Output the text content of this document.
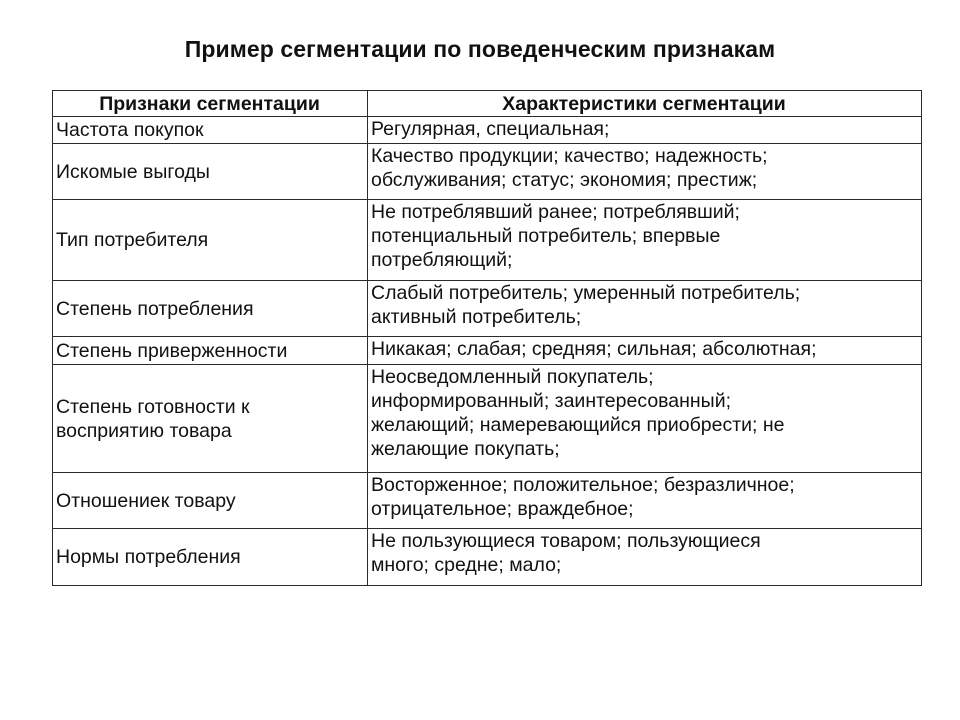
Пример сегментации по поведенческим признакам
Признаки сегментации	Характеристики сегментации

Частота покупок	Регулярная, специальная;

Искомые выгоды	Качество продукции; качество; надежность;
обслуживания; статус; экономия; престиж;

Тип потребителя	Не потреблявший ранее; потреблявший;
потенциальный потребитель; впервые
потребляющий;

Степень потребления	Слабый потребитель; умеренный потребитель;
активный потребитель;

Степень приверженности	Никакая; слабая; средняя; сильная; абсолютная;

Степень готовности к
восприятию товара	Неосведомленный покупатель;
информированный; заинтересованный;
желающий; намеревающийся приобрести; не
желающие покупать;

Отношениек товару	Восторженное; положительное; безразличное;
отрицательное; враждебное;

Нормы потребления	Не пользующиеся товаром; пользующиеся
много; средне; мало;
